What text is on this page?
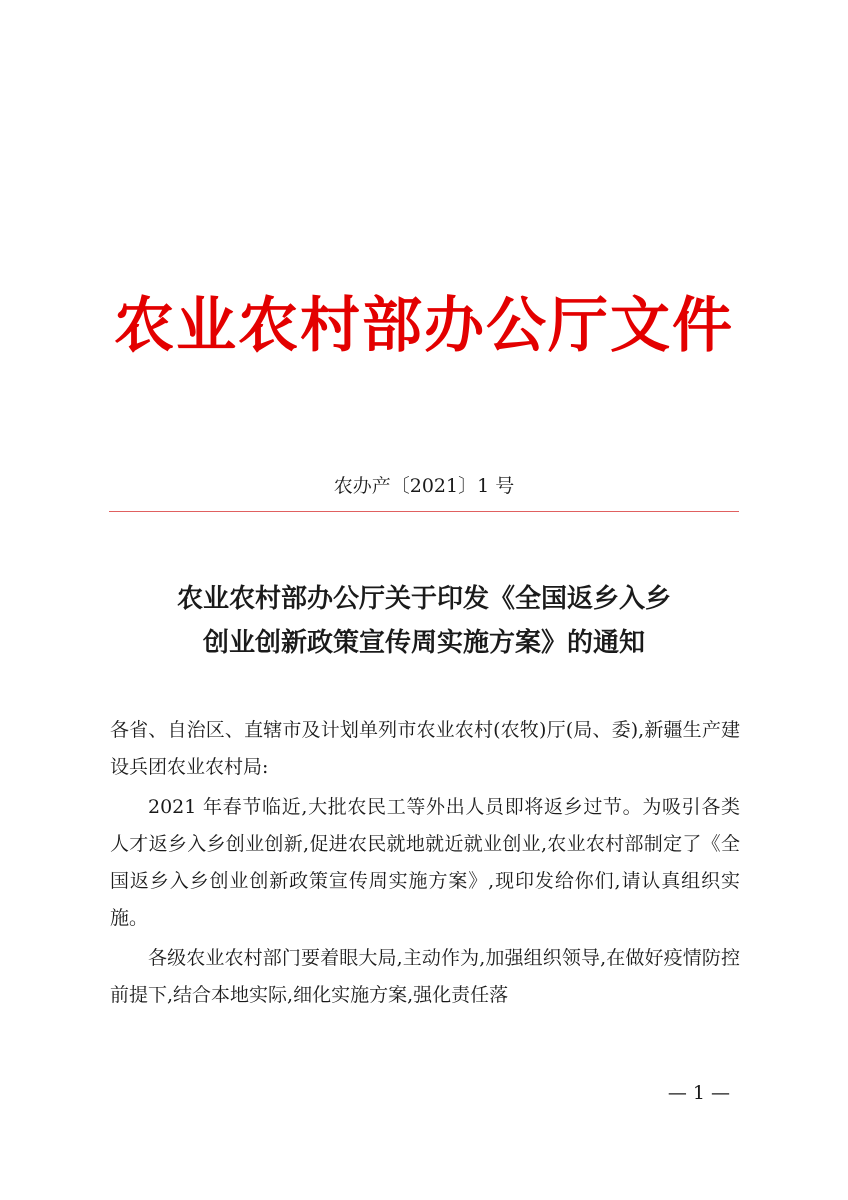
农业农村部办公厅文件
农办产〔2021〕1 号
农业农村部办公厅关于印发《全国返乡入乡
创业创新政策宣传周实施方案》的通知

各省、自治区、直辖市及计划单列市农业农村(农牧)厅(局、委),新疆生产建设兵团农业农村局:

2021 年春节临近,大批农民工等外出人员即将返乡过节。为吸引各类人才返乡入乡创业创新,促进农民就地就近就业创业,农业农村部制定了《全国返乡入乡创业创新政策宣传周实施方案》,现印发给你们,请认真组织实施。

各级农业农村部门要着眼大局,主动作为,加强组织领导,在做好疫情防控前提下,结合本地实际,细化实施方案,强化责任落

— 1 —
